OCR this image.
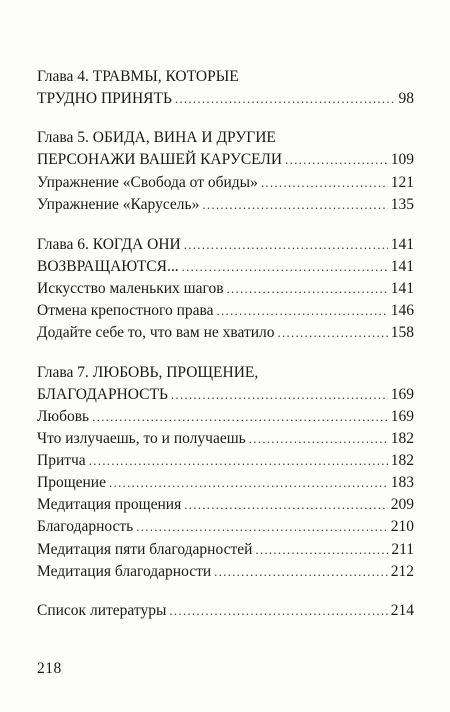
Глава 4. ТРАВМЫ, КОТОРЫЕ
ТРУДНО ПРИНЯТЬ . . .	98
Глава 5. ОБИДА, ВИНА И ДРУГИЕ
ПЕРСОНАЖИ ВАШЕЙ КАРУСЕЛИ . . .	109
Упражнение «Свобода от обиды» . . .	121
Упражнение «Карусель» . . .	135
Глава 6. КОГДА ОНИ . . .	141
ВОЗВРАЩАЮТСЯ... . . .	141
Искусство маленьких шагов . . .	141
Отмена крепостного права . . .	146
Додайте себе то, что вам не хватило . . .	158
Глава 7. ЛЮБОВЬ, ПРОЩЕНИЕ,
БЛАГОДАРНОСТЬ . . .	169
Любовь . . .	169
Что излучаешь, то и получаешь . . .	182
Притча . . .	182
Прощение . . .	183
Медитация прощения . . .	209
Благодарность . . .	210
Медитация пяти благодарностей . . .	211
Медитация благодарности . . .	212
Список литературы . . .	214
218
